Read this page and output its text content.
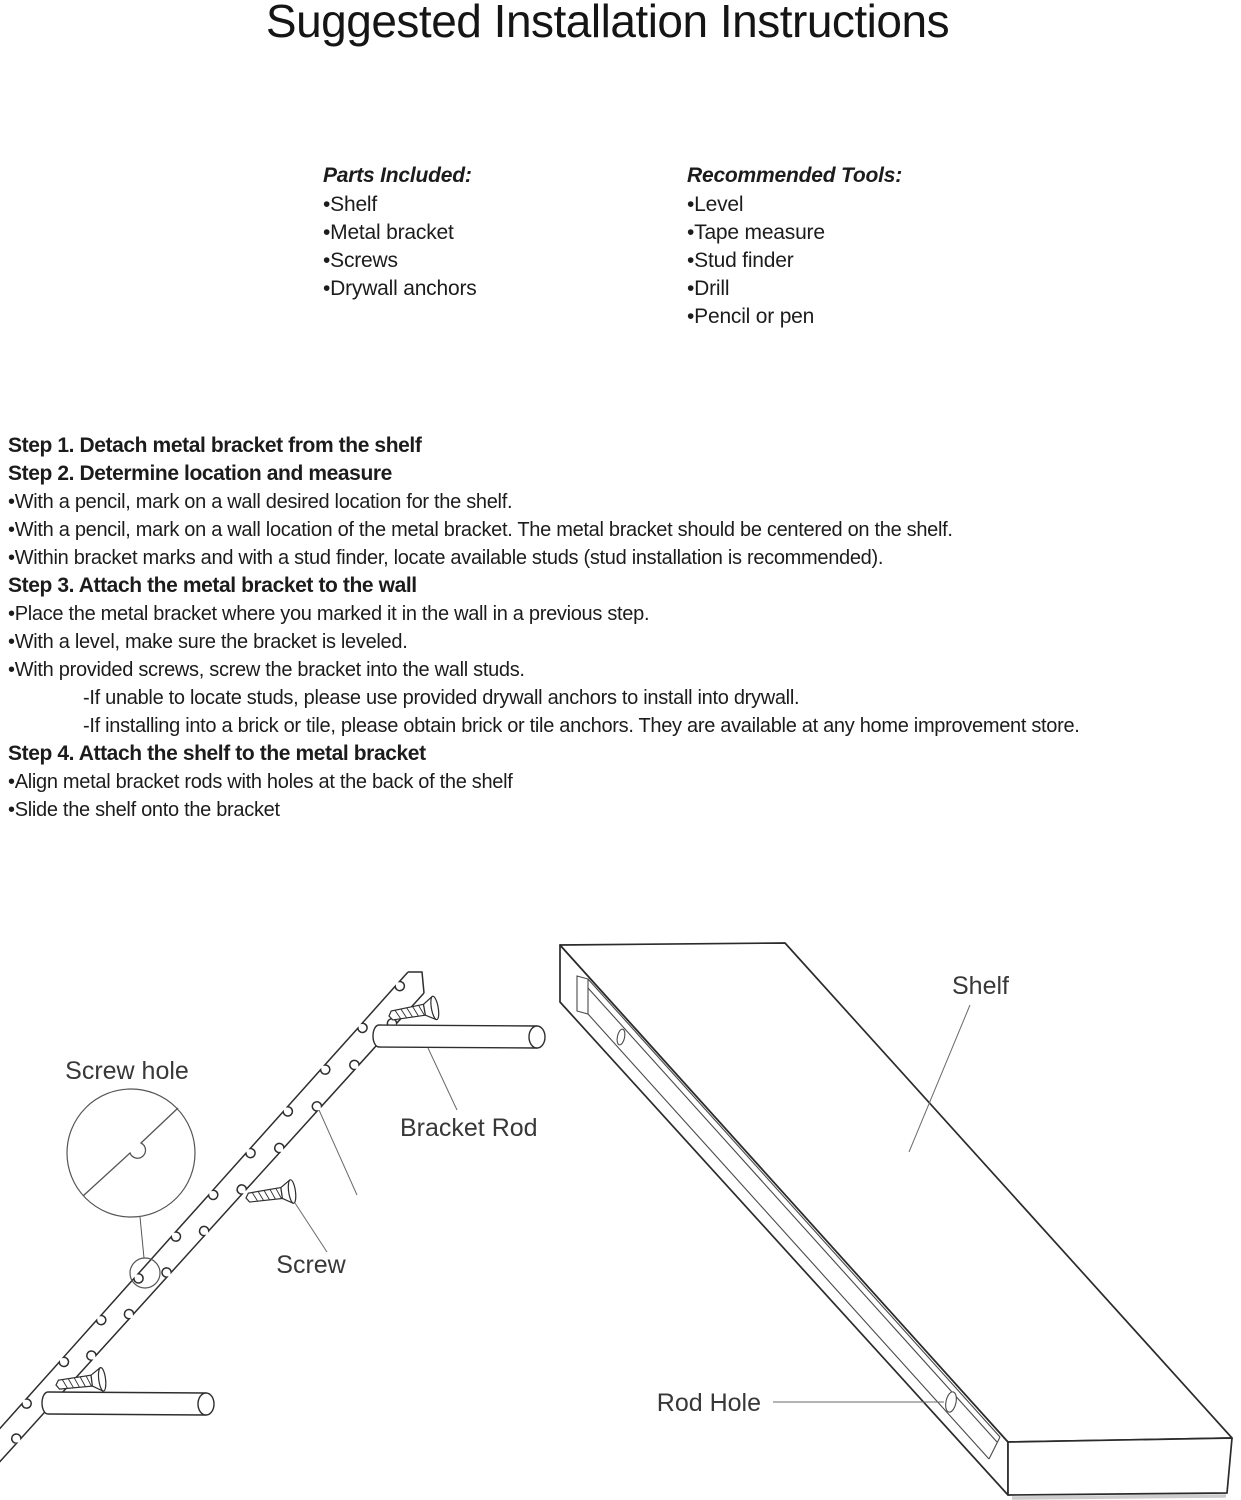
Suggested Installation Instructions
Parts Included:

•Shelf

•Metal bracket

•Screws

•Drywall anchors

Recommended Tools:

•Level

•Tape measure

•Stud finder

•Drill

•Pencil or pen

Step 1. Detach metal bracket from the shelf

Step 2. Determine location and measure

•With a pencil, mark on a wall desired location for the shelf.

•With a pencil, mark on a wall location of the metal bracket. The metal bracket should be centered on the shelf.

•Within bracket marks and with a stud finder, locate available studs (stud installation is recommended).

Step 3. Attach the metal bracket to the wall

•Place the metal bracket where you marked it in the wall in a previous step.

•With a level, make sure the bracket is leveled.

•With provided screws, screw the bracket into the wall studs.

-If unable to locate studs, please use provided drywall anchors to install into drywall.

-If installing into a brick or tile, please obtain brick or tile anchors. They are available at any home improvement store.

Step 4. Attach the shelf to the metal bracket

•Align metal bracket rods with holes at the back of the shelf

•Slide the shelf onto the bracket

Screw hole
Bracket Rod
Screw
Shelf
Rod Hole
